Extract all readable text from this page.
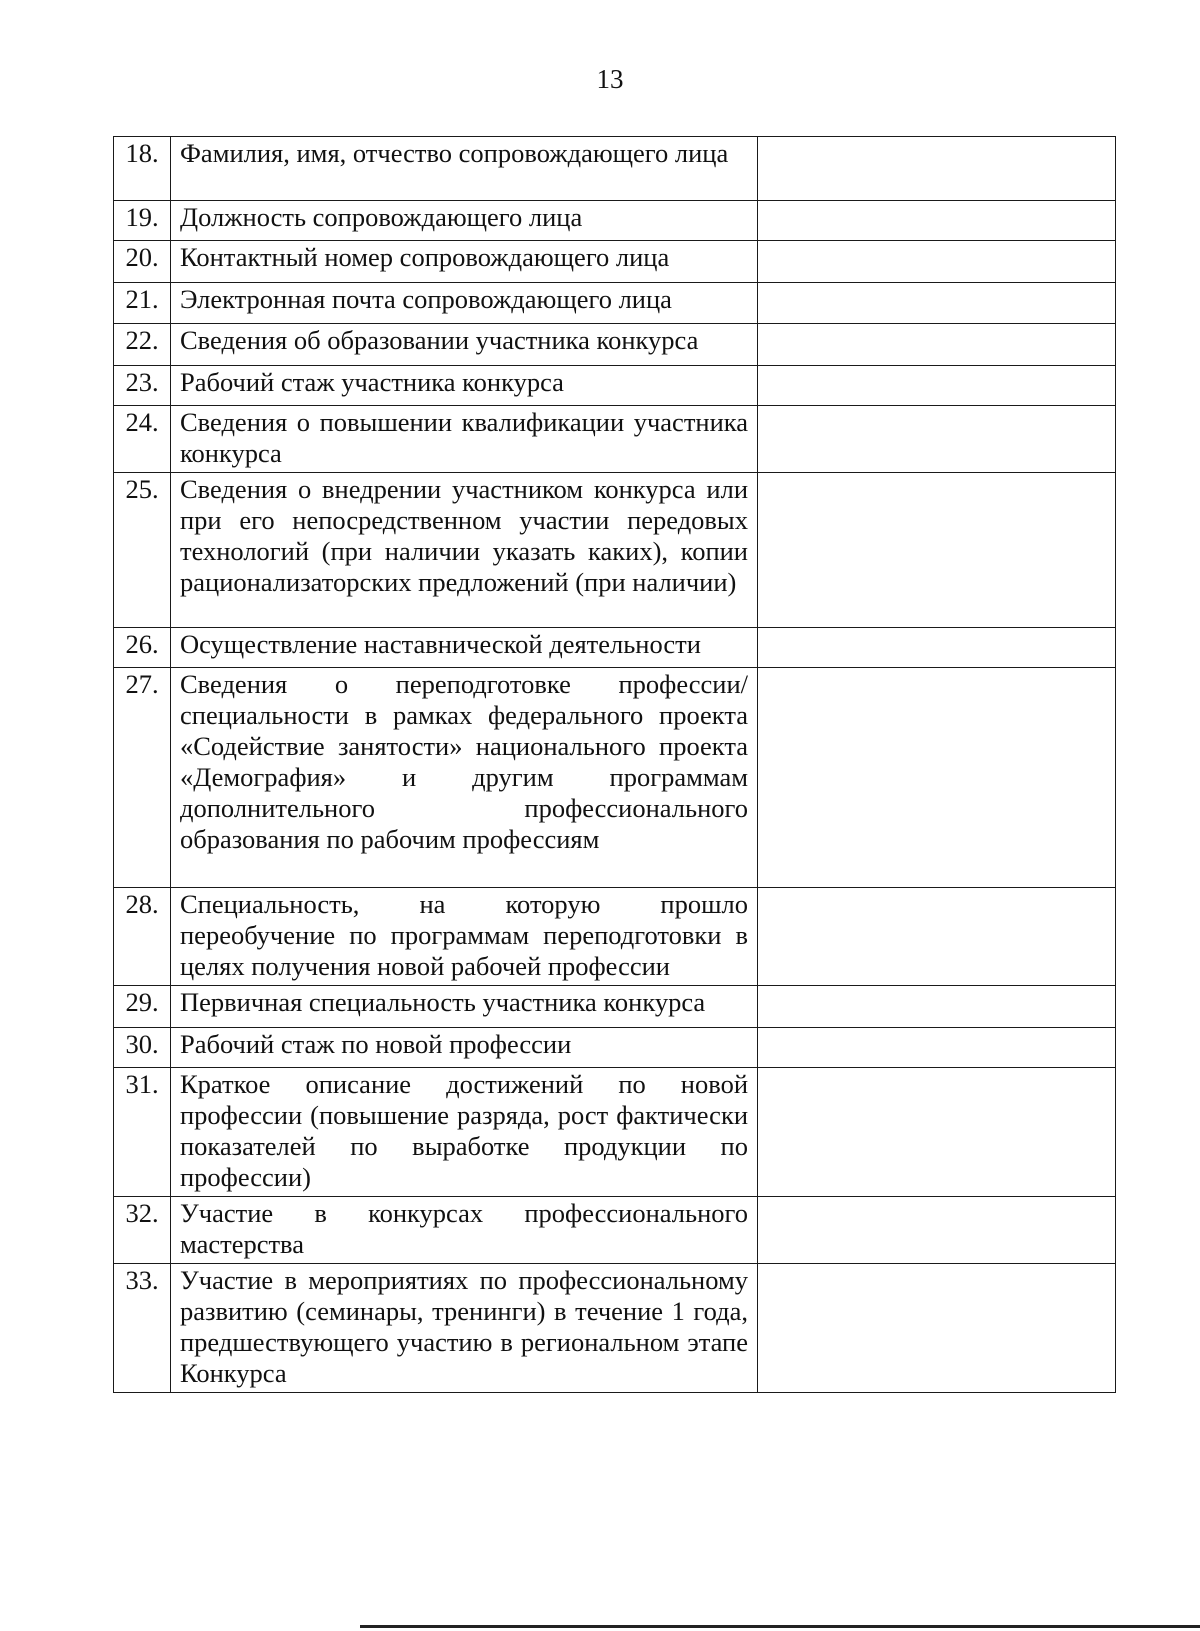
13
18.	Фамилия, имя, отчество сопровождающего лица	
19.	Должность сопровождающего лица	
20.	Контактный номер сопровождающего лица	
21.	Электронная почта сопровождающего лица	
22.	Сведения об образовании участника конкурса	
23.	Рабочий стаж участника конкурса	
24.	Сведения о повышении квалификации участника конкурса	
25.	Сведения о внедрении участником конкурса или при его непосредственном участии передовых технологий (при наличии указать каких), копии рационализаторских предложений (при наличии)	
26.	Осуществление наставнической деятельности	
27.	Сведения о переподготовке профессии/специальности в рамках федерального проекта «Содействие занятости» национального проекта «Демография» и другим программам дополнительного профессионального образования по рабочим профессиям	
28.	Специальность, на которую прошло переобучение по программам переподготовки в целях получения новой рабочей профессии	
29.	Первичная специальность участника конкурса	
30.	Рабочий стаж по новой профессии	
31.	Краткое описание достижений по новой профессии (повышение разряда, рост фактически показателей по выработке продукции по профессии)	
32.	Участие в конкурсах профессионального мастерства	
33.	Участие в мероприятиях по профессиональному развитию (семинары, тренинги) в течение 1 года, предшествующего участию в региональном этапе Конкурса	
